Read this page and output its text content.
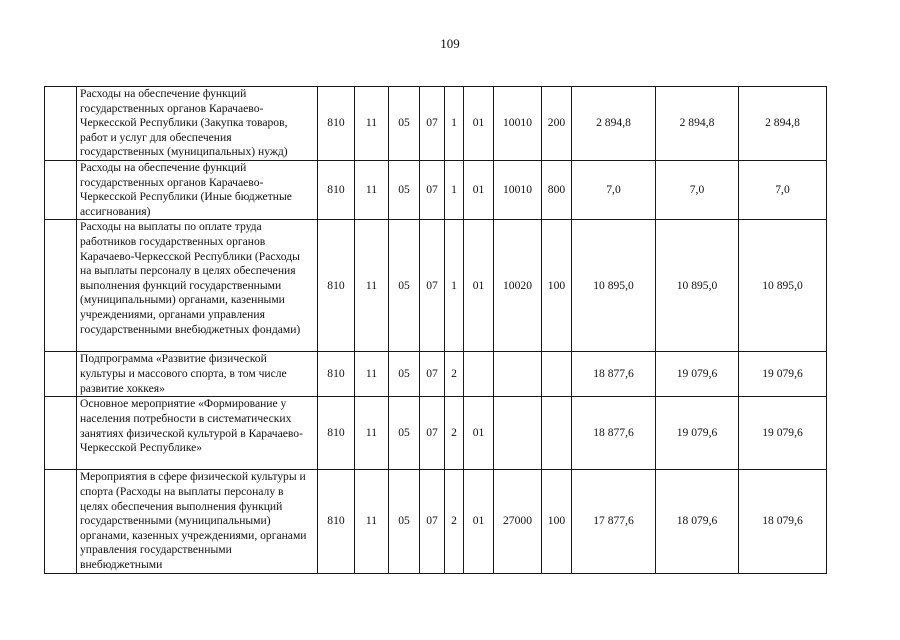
109
	Расходы на обеспечение функций государственных органов Карачаево-Черкесской Республики (Закупка товаров, работ и услуг для обеспечения государственных (муниципальных) нужд)	810	11	05	07	1	01	10010	200	2 894,8	2 894,8	2 894,8
	Расходы на обеспечение функций государственных органов Карачаево-Черкесской Республики (Иные бюджетные ассигнования)	810	11	05	07	1	01	10010	800	7,0	7,0	7,0
	Расходы на выплаты по оплате труда работников государственных органов Карачаево-Черкесской Республики (Расходы на выплаты персоналу в целях обеспечения выполнения функций государственными (муниципальными) органами, казенными учреждениями, органами управления государственными внебюджетных фондами)	810	11	05	07	1	01	10020	100	10 895,0	10 895,0	10 895,0
	Подпрограмма «Развитие физической культуры и массового спорта, в том числе развитие хоккея»	810	11	05	07	2				18 877,6	19 079,6	19 079,6
	Основное мероприятие «Формирование у населения потребности в систематических занятиях физической культурой в Карачаево-Черкесской Республике»	810	11	05	07	2	01			18 877,6	19 079,6	19 079,6
	Мероприятия в сфере физической культуры и спорта (Расходы на выплаты персоналу в целях обеспечения выполнения функций государственными (муниципальными) органами, казенных учреждениями, органами управления государственными внебюджетными	810	11	05	07	2	01	27000	100	17 877,6	18 079,6	18 079,6
